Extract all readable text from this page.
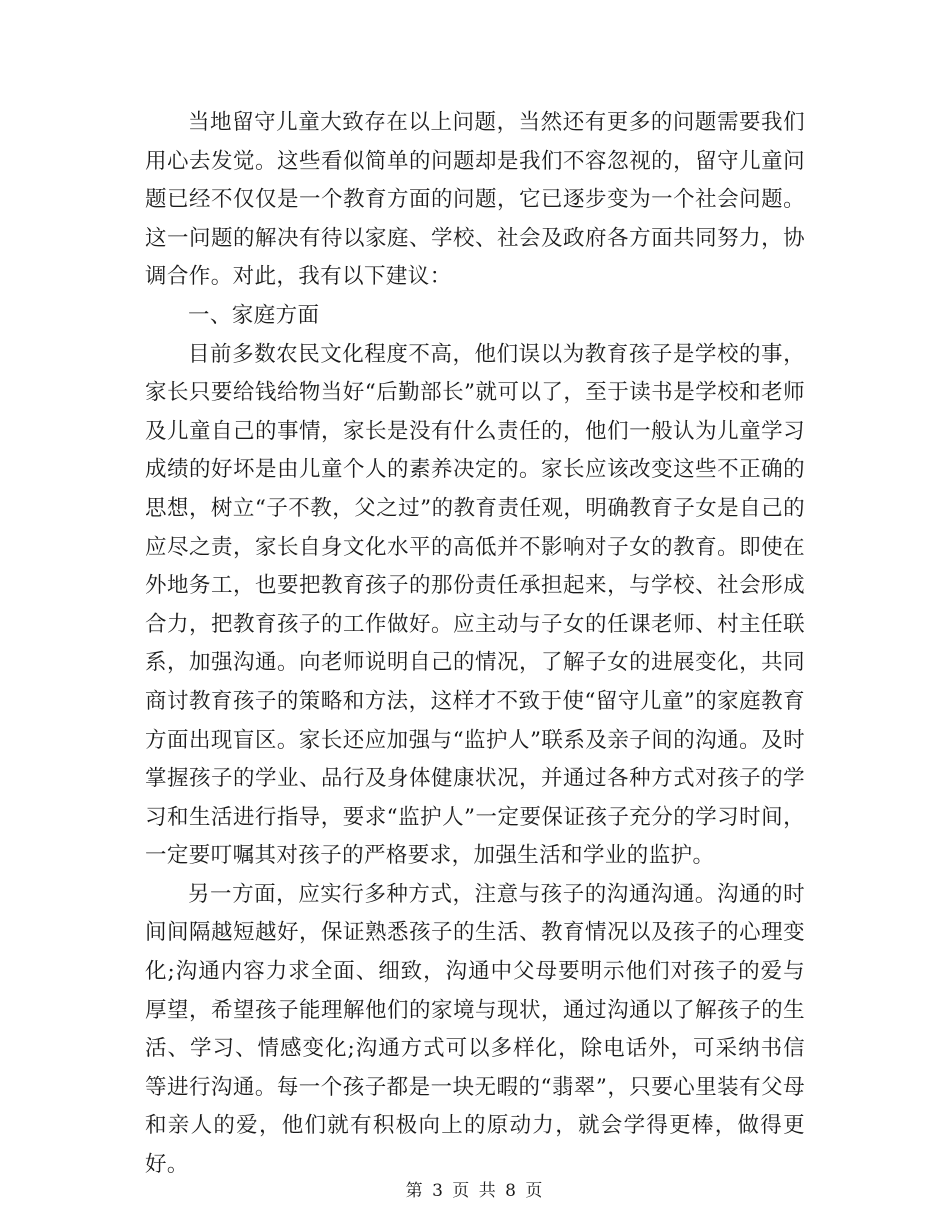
当地留守儿童大致存在以上问题，当然还有更多的问题需要我们用心去发觉。这些看似简单的问题却是我们不容忽视的，留守儿童问题已经不仅仅是一个教育方面的问题，它已逐步变为一个社会问题。这一问题的解决有待以家庭、学校、社会及政府各方面共同努力，协调合作。对此，我有以下建议：

一、家庭方面

目前多数农民文化程度不高，他们误以为教育孩子是学校的事，家长只要给钱给物当好“后勤部长”就可以了，至于读书是学校和老师及儿童自己的事情，家长是没有什么责任的，他们一般认为儿童学习成绩的好坏是由儿童个人的素养决定的。家长应该改变这些不正确的思想，树立“子不教，父之过”的教育责任观，明确教育子女是自己的应尽之责，家长自身文化水平的高低并不影响对子女的教育。即使在外地务工，也要把教育孩子的那份责任承担起来，与学校、社会形成合力，把教育孩子的工作做好。应主动与子女的任课老师、村主任联系，加强沟通。向老师说明自己的情况，了解子女的进展变化，共同商讨教育孩子的策略和方法，这样才不致于使“留守儿童”的家庭教育方面出现盲区。家长还应加强与“监护人”联系及亲子间的沟通。及时掌握孩子的学业、品行及身体健康状况，并通过各种方式对孩子的学习和生活进行指导，要求“监护人”一定要保证孩子充分的学习时间，一定要叮嘱其对孩子的严格要求，加强生活和学业的监护。

另一方面，应实行多种方式，注意与孩子的沟通沟通。沟通的时间间隔越短越好，保证熟悉孩子的生活、教育情况以及孩子的心理变化;沟通内容力求全面、细致，沟通中父母要明示他们对孩子的爱与厚望，希望孩子能理解他们的家境与现状，通过沟通以了解孩子的生活、学习、情感变化;沟通方式可以多样化，除电话外，可采纳书信等进行沟通。每一个孩子都是一块无暇的“翡翠”，只要心里装有父母和亲人的爱，他们就有积极向上的原动力，就会学得更棒，做得更好。

第 3 页 共 8 页
